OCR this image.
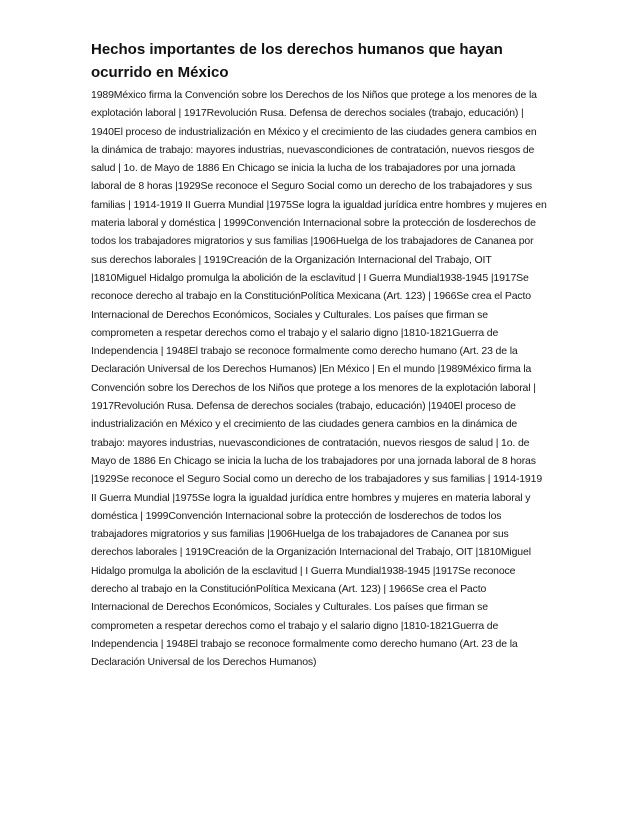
Hechos importantes de los derechos humanos que hayan ocurrido en México

1989México firma la Convención sobre los Derechos de los Niños que protege a los menores de la explotación laboral | 1917Revolución Rusa. Defensa de derechos sociales (trabajo, educación) | 1940El proceso de industrialización en México y el crecimiento de las ciudades genera cambios en la dinámica de trabajo: mayores industrias, nuevascondiciones de contratación, nuevos riesgos de salud | 1o. de Mayo de 1886 En Chicago se inicia la lucha de los trabajadores por una jornada laboral de 8 horas |1929Se reconoce el Seguro Social como un derecho de los trabajadores y sus familias | 1914-1919 II Guerra Mundial |1975Se logra la igualdad jurídica entre hombres y mujeres en materia laboral y doméstica | 1999Convención Internacional sobre la protección de losderechos de todos los trabajadores migratorios y sus familias |1906Huelga de los trabajadores de Cananea por sus derechos laborales | 1919Creación de la Organización Internacional del Trabajo, OIT |1810Miguel Hidalgo promulga la abolición de la esclavitud | I Guerra Mundial1938-1945 |1917Se reconoce derecho al trabajo en la ConstituciónPolítica Mexicana (Art. 123) | 1966Se crea el Pacto Internacional de Derechos Económicos, Sociales y Culturales. Los países que firman se comprometen a respetar derechos como el trabajo y el salario digno |1810-1821Guerra de Independencia | 1948El trabajo se reconoce formalmente como derecho humano (Art. 23 de la Declaración Universal de los Derechos Humanos) |En México | En el mundo |1989México firma la Convención sobre los Derechos de los Niños que protege a los menores de la explotación laboral | 1917Revolución Rusa. Defensa de derechos sociales (trabajo, educación) |1940El proceso de industrialización en México y el crecimiento de las ciudades genera cambios en la dinámica de trabajo: mayores industrias, nuevascondiciones de contratación, nuevos riesgos de salud | 1o. de Mayo de 1886 En Chicago se inicia la lucha de los trabajadores por una jornada laboral de 8 horas |1929Se reconoce el Seguro Social como un derecho de los trabajadores y sus familias | 1914-1919 II Guerra Mundial |1975Se logra la igualdad jurídica entre hombres y mujeres en materia laboral y doméstica | 1999Convención Internacional sobre la protección de losderechos de todos los trabajadores migratorios y sus familias |1906Huelga de los trabajadores de Cananea por sus derechos laborales | 1919Creación de la Organización Internacional del Trabajo, OIT |1810Miguel Hidalgo promulga la abolición de la esclavitud | I Guerra Mundial1938-1945 |1917Se reconoce derecho al trabajo en la ConstituciónPolítica Mexicana (Art. 123) | 1966Se crea el Pacto Internacional de Derechos Económicos, Sociales y Culturales. Los países que firman se comprometen a respetar derechos como el trabajo y el salario digno |1810-1821Guerra de Independencia | 1948El trabajo se reconoce formalmente como derecho humano (Art. 23 de la Declaración Universal de los Derechos Humanos)
